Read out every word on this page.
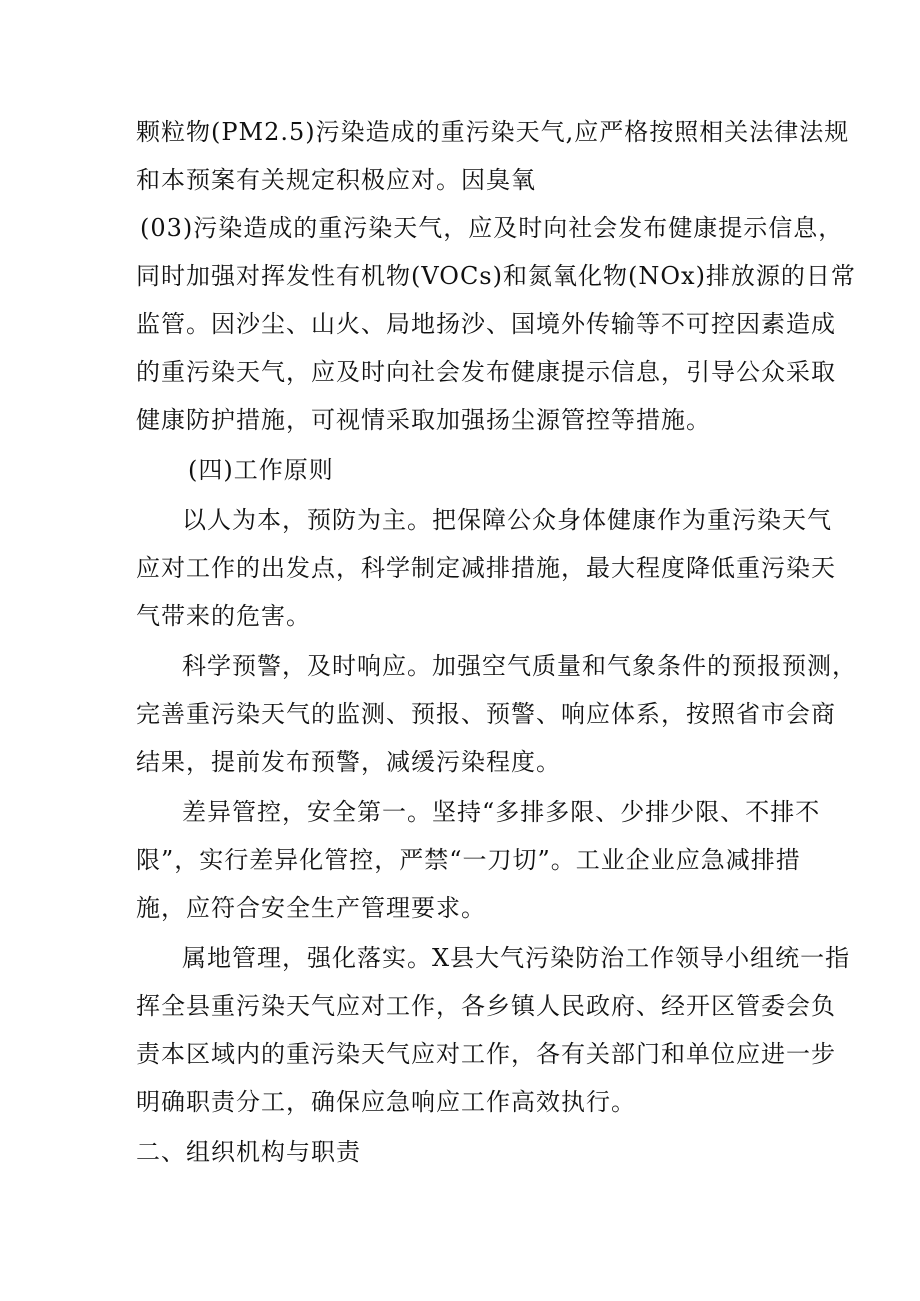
颗粒物(PM2.5)污染造成的重污染天气,应严格按照相关法律法规
和本预案有关规定积极应对。因臭氧
(03)污染造成的重污染天气，应及时向社会发布健康提示信息，
同时加强对挥发性有机物(VOCs)和氮氧化物(NOx)排放源的日常
监管。因沙尘、山火、局地扬沙、国境外传输等不可控因素造成
的重污染天气，应及时向社会发布健康提示信息，引导公众采取
健康防护措施，可视情采取加强扬尘源管控等措施。
(四)工作原则
以人为本，预防为主。把保障公众身体健康作为重污染天气
应对工作的出发点，科学制定减排措施，最大程度降低重污染天
气带来的危害。
科学预警，及时响应。加强空气质量和气象条件的预报预测，
完善重污染天气的监测、预报、预警、响应体系，按照省市会商
结果，提前发布预警，减缓污染程度。
差异管控，安全第一。坚持“多排多限、少排少限、不排不
限”，实行差异化管控，严禁“一刀切”。工业企业应急减排措
施，应符合安全生产管理要求。
属地管理，强化落实。X县大气污染防治工作领导小组统一指
挥全县重污染天气应对工作，各乡镇人民政府、经开区管委会负
责本区域内的重污染天气应对工作，各有关部门和单位应进一步
明确职责分工，确保应急响应工作高效执行。
二、组织机构与职责
